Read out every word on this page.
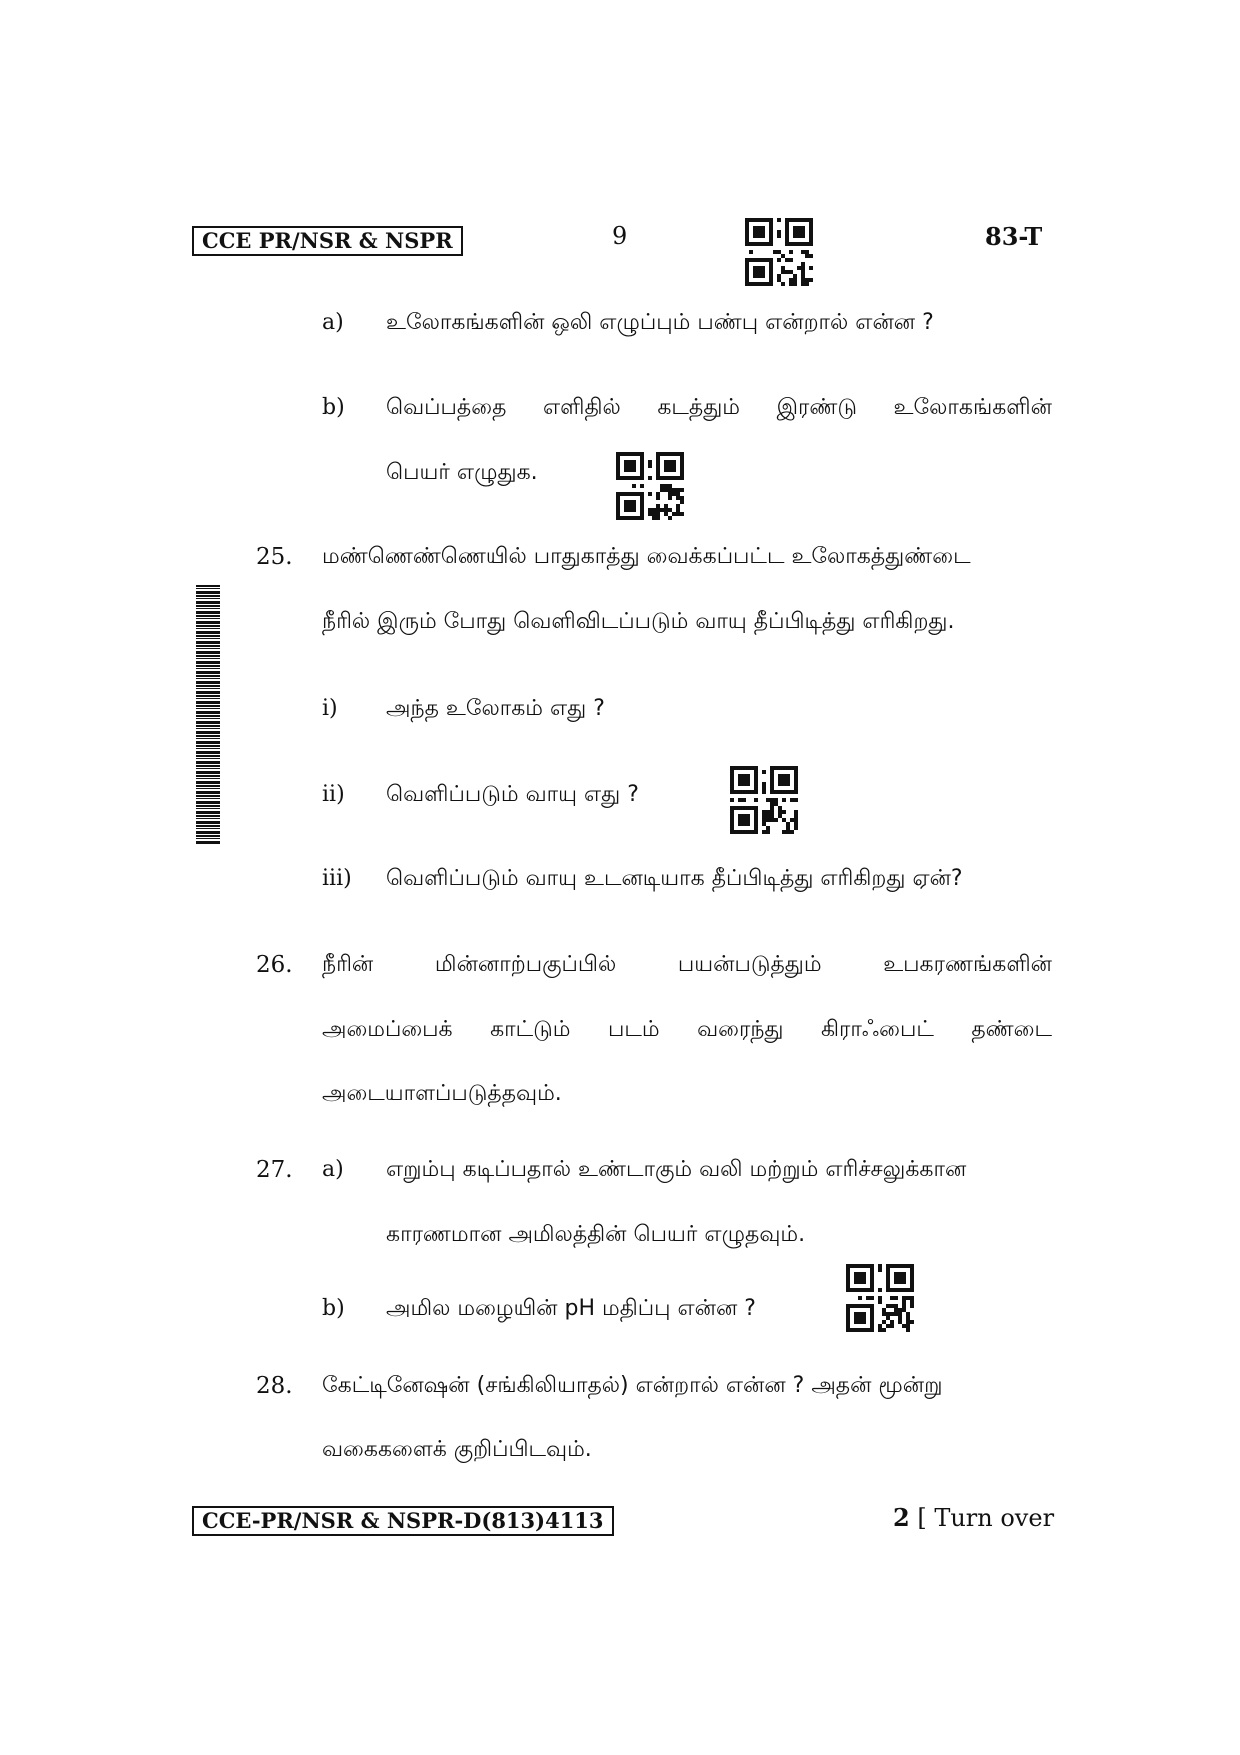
CCE PR/NSR & NSPR	9	83-T
a) உலோகங்களின் ஒலி எழுப்பும் பண்பு என்றால் என்ன ?
b) வெப்பத்தை எளிதில் கடத்தும் இரண்டு உலோகங்களின்
பெயர் எழுதுக.
25. மண்ணெண்ணெயில் பாதுகாத்து வைக்கப்பட்ட உலோகத்துண்டை
நீரில் இரும் போது வெளிவிடப்படும் வாயு தீப்பிடித்து எரிகிறது.
i) அந்த உலோகம் எது ?
ii) வெளிப்படும் வாயு எது ?
iii) வெளிப்படும் வாயு உடனடியாக தீப்பிடித்து எரிகிறது ஏன்?
26. நீரின்	மின்னாற்பகுப்பில்	பயன்படுத்தும்	உபகரணங்களின்
அமைப்பைக் காட்டும் படம் வரைந்து கிராஃபைட் தண்டை
அடையாளப்படுத்தவும்.
27. a) எறும்பு கடிப்பதால் உண்டாகும் வலி மற்றும் எரிச்சலுக்கான
காரணமான அமிலத்தின் பெயர் எழுதவும்.
b) அமில மழையின் pH மதிப்பு என்ன ?
28. கேட்டினேஷன் (சங்கிலியாதல்) என்றால் என்ன ? அதன் மூன்று
வகைகளைக் குறிப்பிடவும்.
CCE-PR/NSR & NSPR-D(813)4113	2 [ Turn over
